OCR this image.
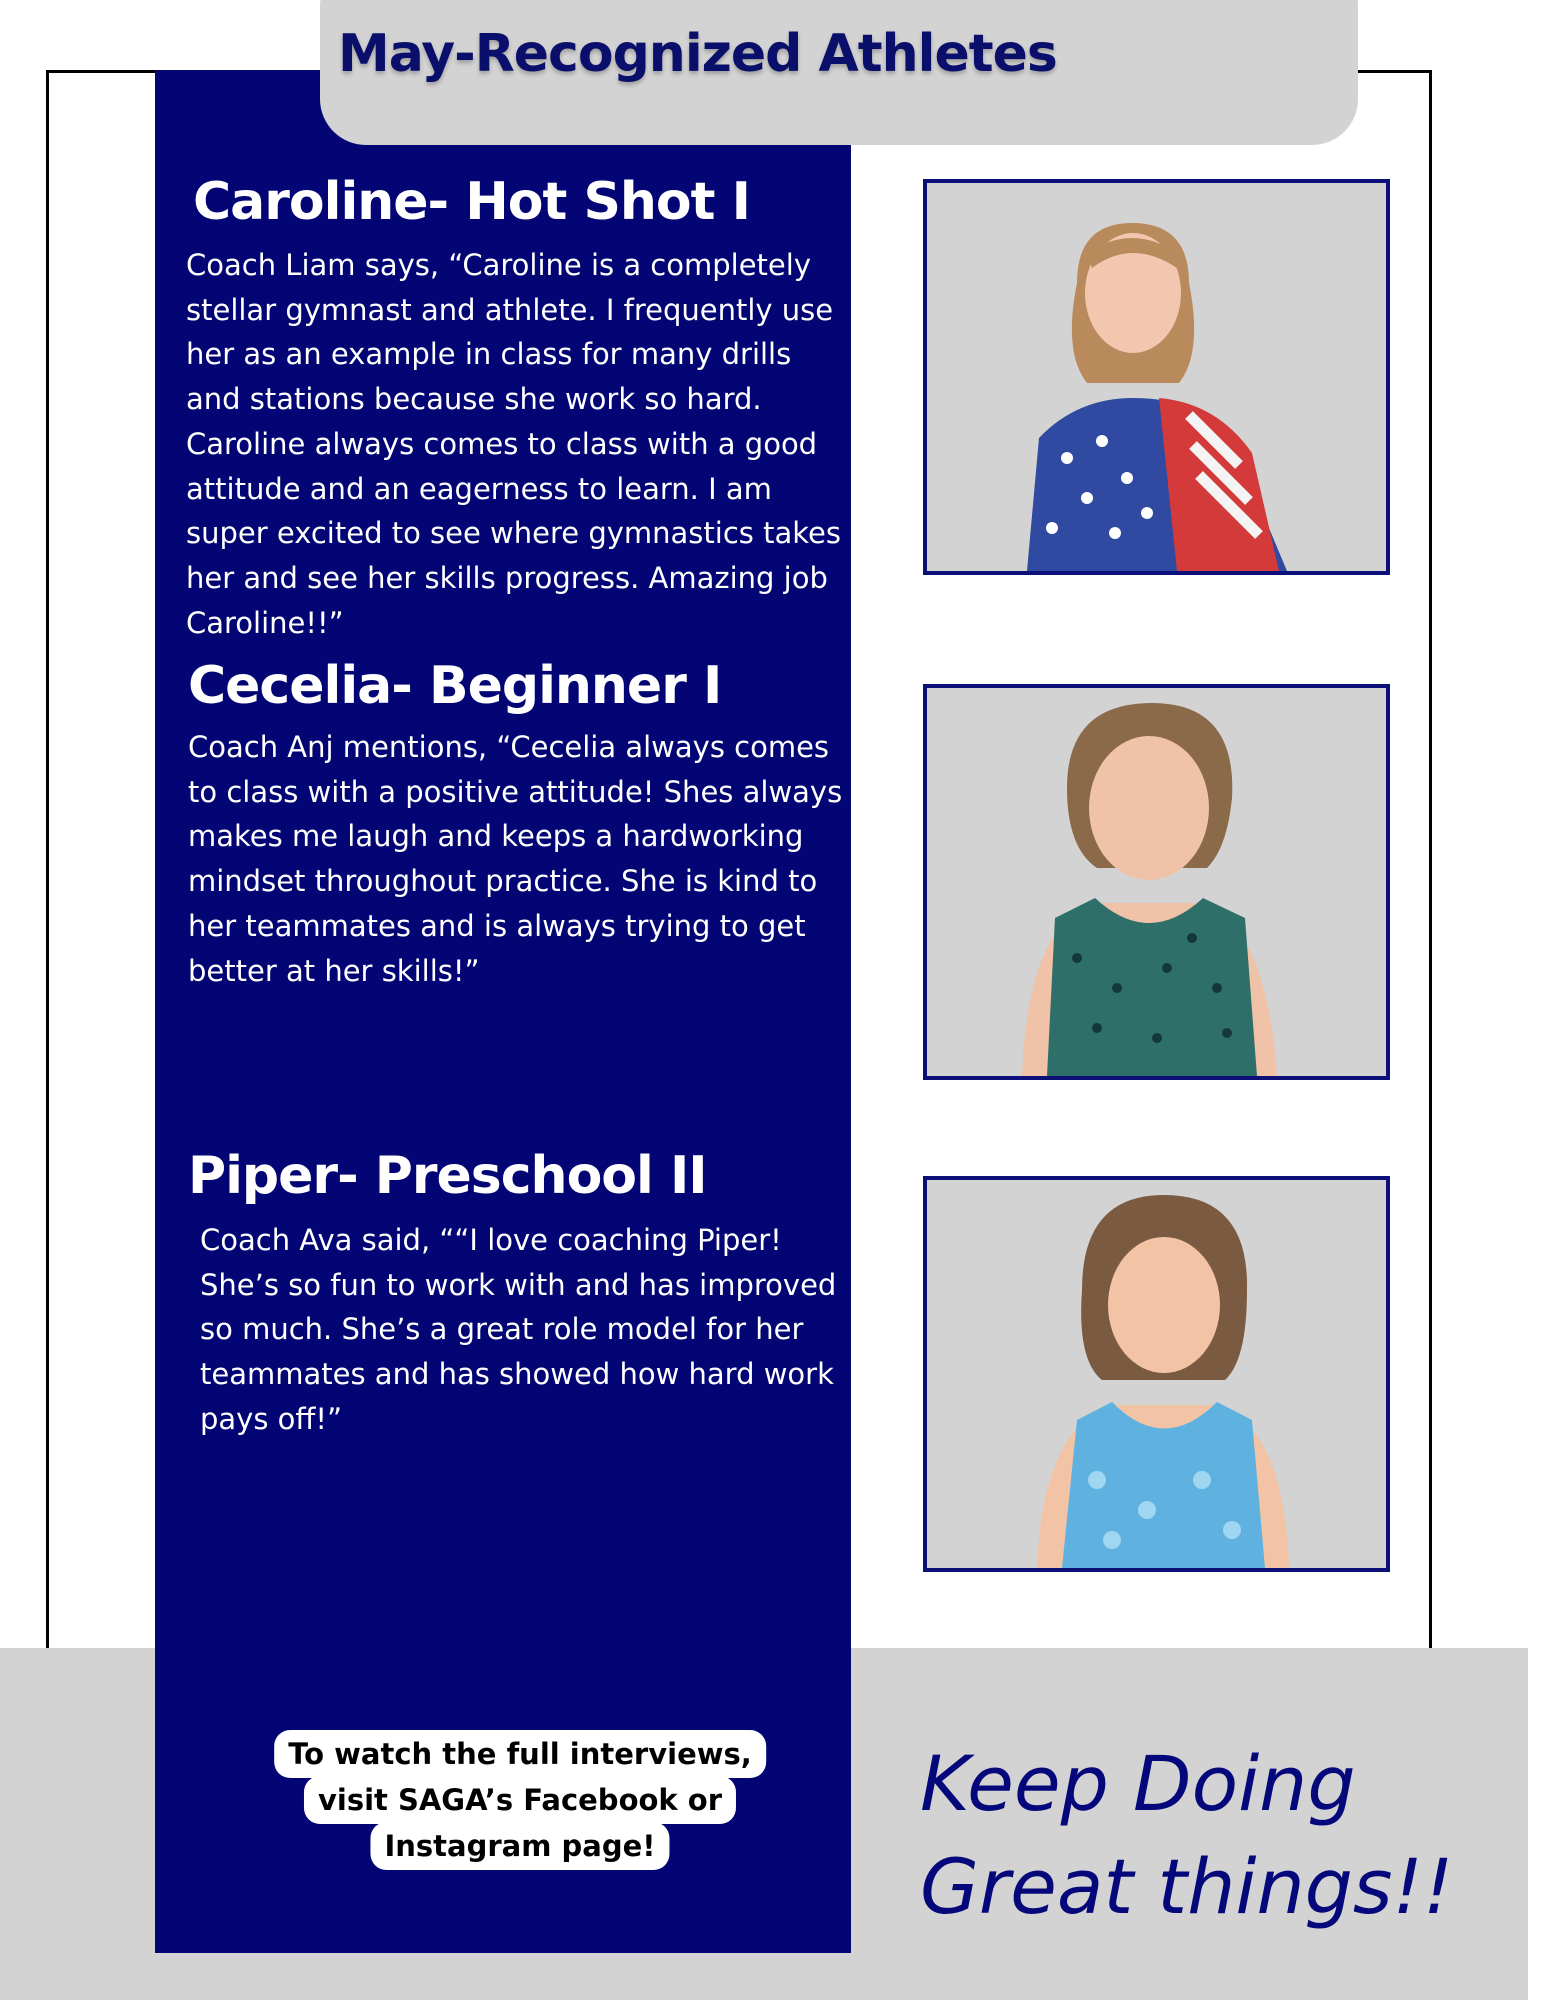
May-Recognized Athletes
Caroline- Hot Shot I

Coach Liam says, “Caroline is a completely stellar gymnast and athlete. I frequently use her as an example in class for many drills and stations because she work so hard. Caroline always comes to class with a good attitude and an eagerness to learn. I am super excited to see where gymnastics takes her and see her skills progress. Amazing job Caroline!!”

Cecelia- Beginner I

Coach Anj mentions, “Cecelia always comes to class with a positive attitude! Shes always makes me laugh and keeps a hardworking mindset throughout practice. She is kind to her teammates and is always trying to get better at her skills!”

Piper- Preschool II

Coach Ava said, ““I love coaching Piper! She’s so fun to work with and has improved so much. She’s a great role model for her teammates and has showed how hard work pays off!”

To watch the full interviews,
visit SAGA’s Facebook or
Instagram page!
Keep Doing
Great things!!
